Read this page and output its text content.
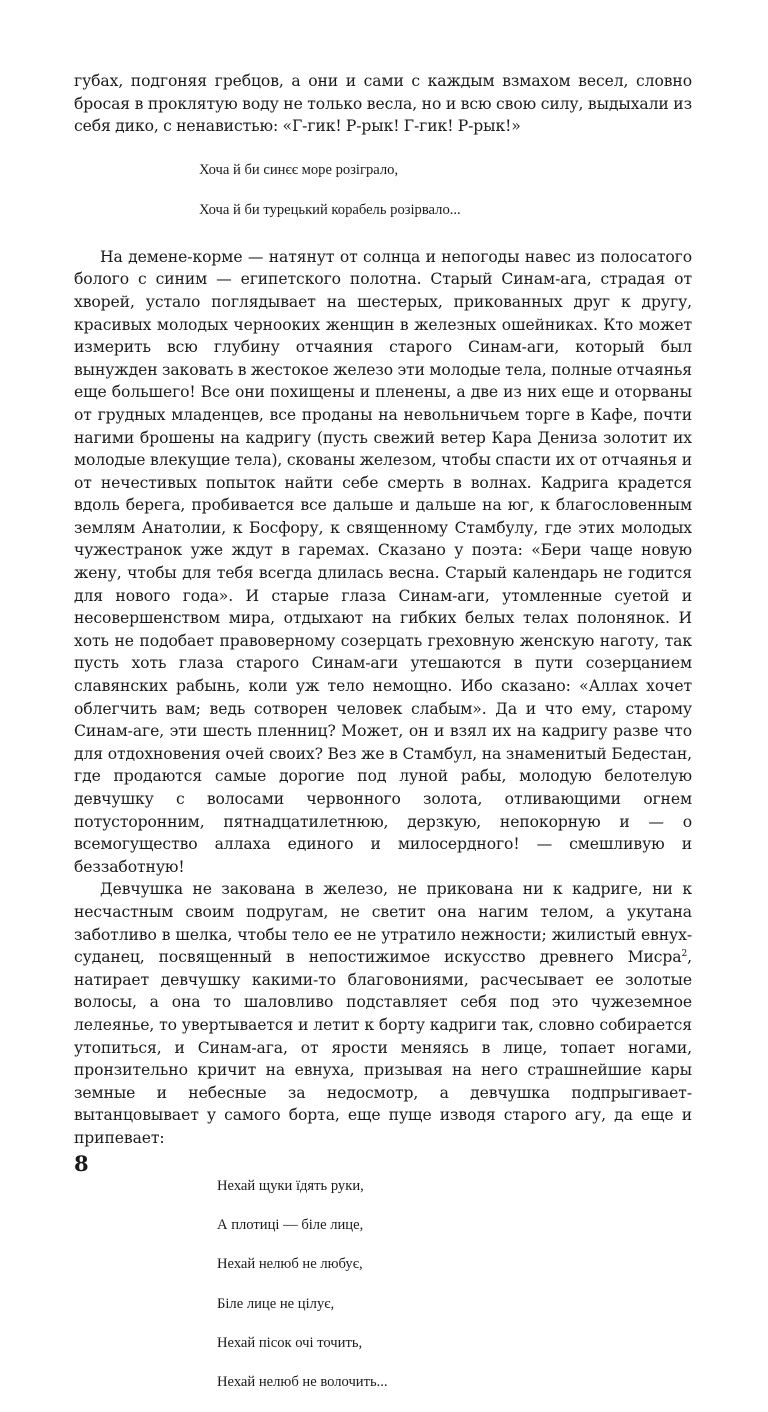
губах, подгоняя гребцов, а они и сами с каждым взмахом весел, словно бросая в проклятую воду не только весла, но и всю свою силу, выдыхали из себя дико, с ненавистью: «Г-гик! Р-рык! Г-гик! Р-рык!»

Хоча й би синєє море розіграло,

Хоча й би турецький корабель розірвало...

На демене-корме — натянут от солнца и непогоды навес из полосатого болого с синим — египетского полотна. Старый Синам-ага, страдая от хворей, устало поглядывает на шестерых, прикованных друг к другу, красивых молодых чернооких женщин в железных ошейниках. Кто может измерить всю глубину отчаяния старого Синам-аги, который был вынужден заковать в жестокое железо эти молодые тела, полные отчаянья еще большего! Все они похищены и пленены, а две из них еще и оторваны от грудных младенцев, все проданы на невольничьем торге в Кафе, почти нагими брошены на кадригу (пусть свежий ветер Кара Дениза золотит их молодые влекущие тела), скованы железом, чтобы спасти их от отчаянья и от нечестивых попыток найти себе смерть в волнах. Кадрига крадется вдоль берега, пробивается все дальше и дальше на юг, к благословенным землям Анатолии, к Босфору, к священному Стамбулу, где этих молодых чужестранок уже ждут в гаремах. Сказано у поэта: «Бери чаще новую жену, чтобы для тебя всегда длилась весна. Старый календарь не годится для нового года». И старые глаза Синам-аги, утомленные суетой и несовершенством мира, отдыхают на гибких белых телах полонянок. И хоть не подобает правоверному созерцать греховную женскую наготу, так пусть хоть глаза старого Синам-аги утешаются в пути созерцанием славянских рабынь, коли уж тело немощно. Ибо сказано: «Аллах хочет облегчить вам; ведь сотворен человек слабым». Да и что ему, старому Синам-аге, эти шесть пленниц? Может, он и взял их на кадригу разве что для отдохновения очей своих? Вез же в Стамбул, на знаменитый Бедестан, где продаются самые дорогие под луной рабы, молодую белотелую девчушку с волосами червонного золота, отливающими огнем потусторонним, пятнадцатилетнюю, дерзкую, непокорную и — о всемогущество аллаха единого и милосердного! — смешливую и беззаботную!

Девчушка не закована в железо, не прикована ни к кадриге, ни к несчастным своим подругам, не светит она нагим телом, а укутана заботливо в шелка, чтобы тело ее не утратило нежности; жилистый евнух-суданец, посвященный в непостижимое искусство древнего Мисра$^2$, натирает девчушку какими-то благовониями, расчесывает ее золотые волосы, а она то шаловливо подставляет себя под это чужеземное лелеянье, то увертывается и летит к борту кадриги так, словно собирается утопиться, и Синам-ага, от ярости меняясь в лице, топает ногами, пронзительно кричит на евнуха, призывая на него страшнейшие кары земные и небесные за недосмотр, а девчушка подпрыгивает-вытанцовывает у самого борта, еще пуще изводя старого агу, да еще и припевает:

Нехай щуки їдять руки,

А плотиці — біле лице,

Нехай нелюб не любує,

Біле лице не цілує,

Нехай пісок очі точить,

Нехай нелюб не волочить...

8
